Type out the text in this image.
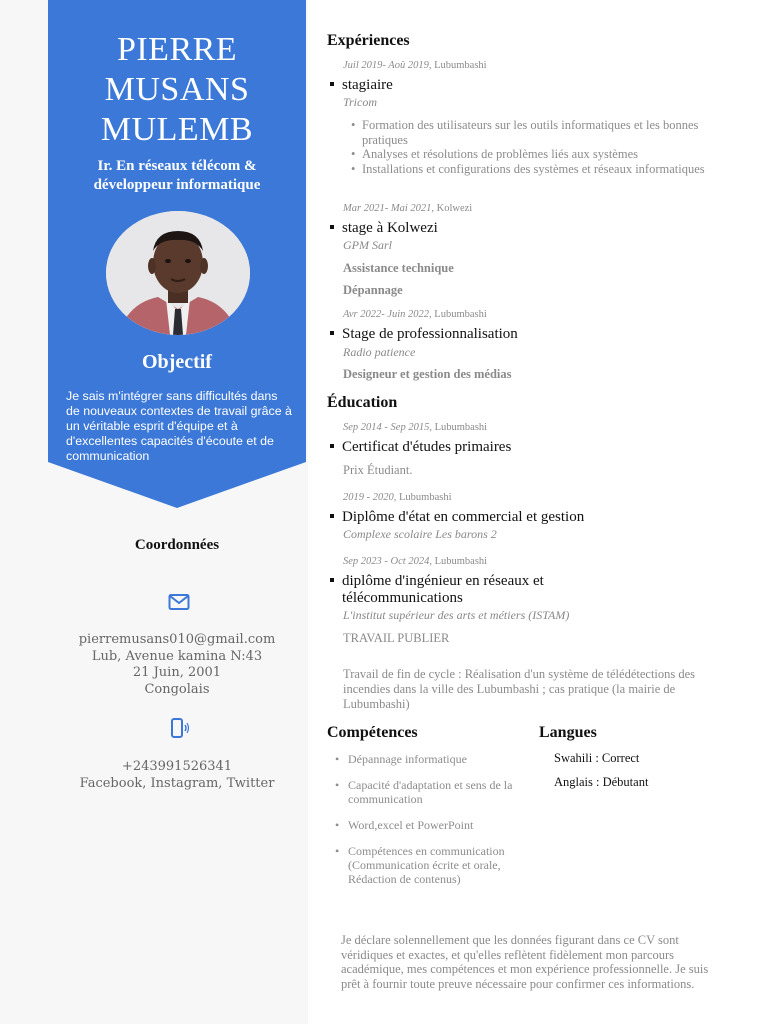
PIERRE
MUSANS
MULEMB
Ir. En réseaux télécom & développeur informatique
Objectif
Je sais m'intégrer sans difficultés dans de nouveaux contextes de travail grâce à un véritable esprit d'équipe et à d'excellentes capacités d'écoute et de communication
Coordonnées
pierremusans010@gmail.com
Lub, Avenue kamina N:43
21 Juin, 2001
Congolais
+243991526341
Facebook, Instagram, Twitter
Expériences
Juil 2019- Aoû 2019, Lubumbashi
stagiaire
Tricom
• Formation des utilisateurs sur les outils informatiques et les bonnes pratiques
• Analyses et résolutions de problèmes liés aux systèmes
• Installations et configurations des systèmes et réseaux informatiques
Mar 2021- Mai 2021, Kolwezi
stage à Kolwezi
GPM Sarl
Assistance technique
Dépannage
Avr 2022- Juin 2022, Lubumbashi
Stage de professionnalisation
Radio patience
Designeur et gestion des médias
Éducation
Sep 2014 - Sep 2015, Lubumbashi
Certificat d'études primaires
Prix Étudiant.
2019 - 2020, Lubumbashi
Diplôme d'état en commercial et gestion
Complexe scolaire Les barons 2
Sep 2023 - Oct 2024, Lubumbashi
diplôme d'ingénieur en réseaux et
télécommunications
L'institut supérieur des arts et métiers (ISTAM)
TRAVAIL PUBLIER
Travail de fin de cycle : Réalisation d'un système de télédétections des incendies dans la ville des Lubumbashi ; cas pratique (la mairie de Lubumbashi)
Compétences
• Dépannage informatique
• Capacité d'adaptation et sens de la communication
• Word,excel et PowerPoint
• Compétences en communication (Communication écrite et orale, Rédaction de contenus)
Langues
Swahili : Correct
Anglais : Débutant
Je déclare solennellement que les données figurant dans ce CV sont véridiques et exactes, et qu'elles reflètent fidèlement mon parcours académique, mes compétences et mon expérience professionnelle. Je suis prêt à fournir toute preuve nécessaire pour confirmer ces informations.
